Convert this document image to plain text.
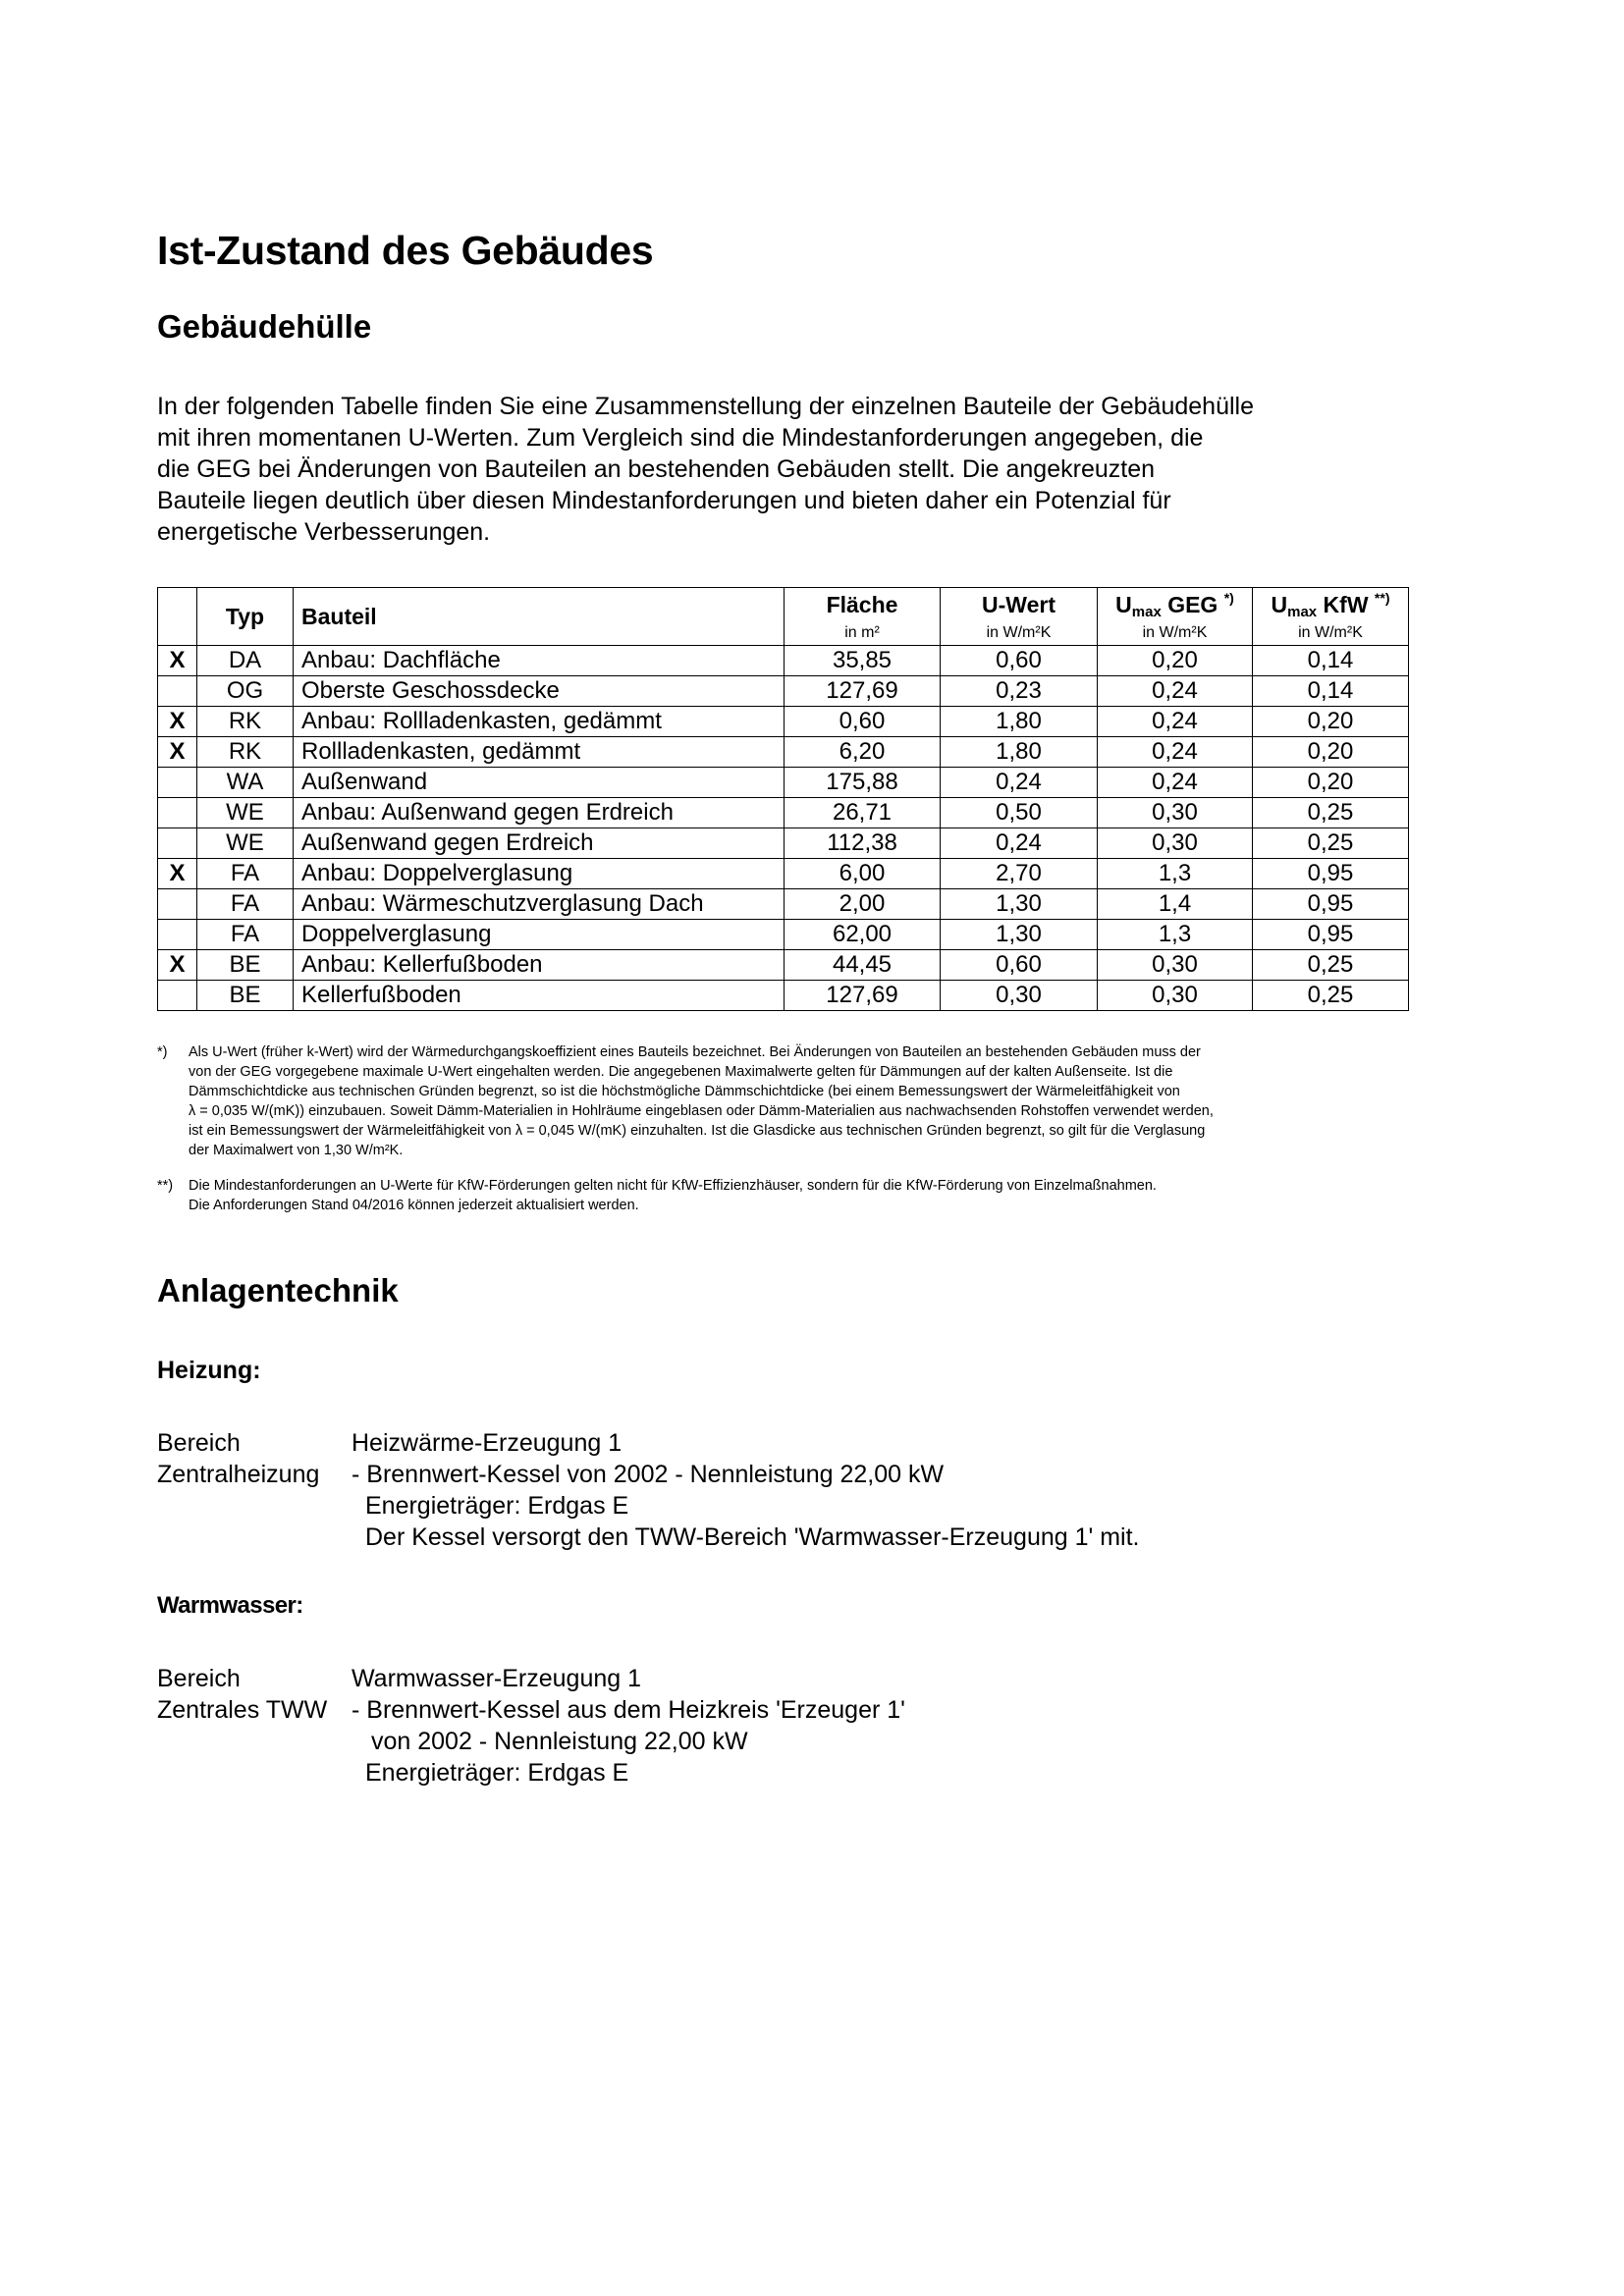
Ist-Zustand des Gebäudes
Gebäudehülle

In der folgenden Tabelle finden Sie eine Zusammenstellung der einzelnen Bauteile der Gebäudehülle
mit ihren momentanen U-Werten. Zum Vergleich sind die Mindestanforderungen angegeben, die
die GEG bei Änderungen von Bauteilen an bestehenden Gebäuden stellt. Die angekreuzten
Bauteile liegen deutlich über diesen Mindestanforderungen und bieten daher ein Potenzial für
energetische Verbesserungen.

	Typ	Bauteil	Fläche	U-Wert	$U_{max}$ GEG *)	$U_{max}$ KfW **)
			in m²	in W/m²K	in W/m²K	in W/m²K
X	DA	Anbau: Dachfläche	35,85	0,60	0,20	0,14
	OG	Oberste Geschossdecke	127,69	0,23	0,24	0,14
X	RK	Anbau: Rollladenkasten, gedämmt	0,60	1,80	0,24	0,20
X	RK	Rollladenkasten, gedämmt	6,20	1,80	0,24	0,20
	WA	Außenwand	175,88	0,24	0,24	0,20
	WE	Anbau: Außenwand gegen Erdreich	26,71	0,50	0,30	0,25
	WE	Außenwand gegen Erdreich	112,38	0,24	0,30	0,25
X	FA	Anbau: Doppelverglasung	6,00	2,70	1,3	0,95
	FA	Anbau: Wärmeschutzverglasung Dach	2,00	1,30	1,4	0,95
	FA	Doppelverglasung	62,00	1,30	1,3	0,95
X	BE	Anbau: Kellerfußboden	44,45	0,60	0,30	0,25
	BE	Kellerfußboden	127,69	0,30	0,30	0,25
*) Als U-Wert (früher k-Wert) wird der Wärmedurchgangskoeffizient eines Bauteils bezeichnet. Bei Änderungen von Bauteilen an bestehenden Gebäuden muss der
von der GEG vorgegebene maximale U-Wert eingehalten werden. Die angegebenen Maximalwerte gelten für Dämmungen auf der kalten Außenseite. Ist die
Dämmschichtdicke aus technischen Gründen begrenzt, so ist die höchstmögliche Dämmschichtdicke (bei einem Bemessungswert der Wärmeleitfähigkeit von
λ = 0,035 W/(mK)) einzubauen. Soweit Dämm-Materialien in Hohlräume eingeblasen oder Dämm-Materialien aus nachwachsenden Rohstoffen verwendet werden,
ist ein Bemessungswert der Wärmeleitfähigkeit von λ = 0,045 W/(mK) einzuhalten. Ist die Glasdicke aus technischen Gründen begrenzt, so gilt für die Verglasung
der Maximalwert von 1,30 W/m²K.
**) Die Mindestanforderungen an U-Werte für KfW-Förderungen gelten nicht für KfW-Effizienzhäuser, sondern für die KfW-Förderung von Einzelmaßnahmen.
Die Anforderungen Stand 04/2016 können jederzeit aktualisiert werden.
Anlagentechnik
Heizung:
Bereich	Heizwärme-Erzeugung 1
Zentralheizung	- Brennwert-Kessel von 2002 - Nennleistung 22,00 kW
Energieträger: Erdgas E
Der Kessel versorgt den TWW-Bereich 'Warmwasser-Erzeugung 1' mit.
Warmwasser:
Bereich	Warmwasser-Erzeugung 1
Zentrales TWW - Brennwert-Kessel aus dem Heizkreis 'Erzeuger 1'
von 2002 - Nennleistung 22,00 kW
Energieträger: Erdgas E
